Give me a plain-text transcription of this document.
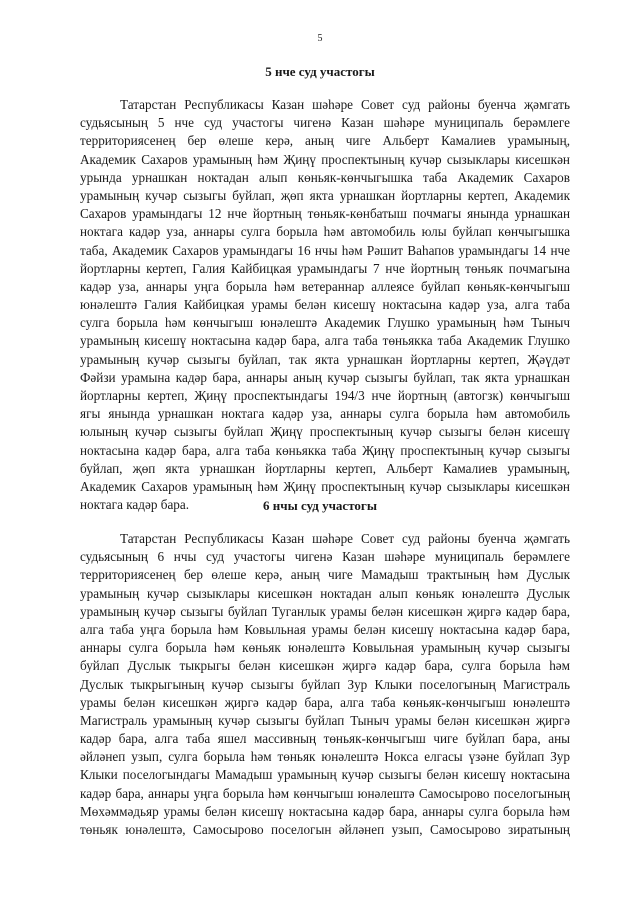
5
5 нче суд участогы
Татарстан Республикасы Казан шәһәре Совет суд районы буенча җәмгать
судьясының 5 нче суд участогы чигенә Казан шәһәре муниципаль берәмлеге
территориясенең бер өлеше керә, аның чиге Альберт Камалиев урамының,
Академик Сахаров урамының һәм Җиңү проспектының кучәр сызыклары кисешкән
урында урнашкан ноктадан алып көньяк-көнчыгышка таба Академик Сахаров
урамының кучәр сызыгы буйлап, җөп якта урнашкан йортларны кертеп, Академик
Сахаров урамындагы 12 нче йортның төньяк-көнбатыш почмагы янында урнашкан
ноктага кадәр уза, аннары сулга борыла һәм автомобиль юлы буйлап көнчыгышка
таба, Академик Сахаров урамындагы 16 нчы һәм Рәшит Ваһапов урамындагы 14 нче
йортларны кертеп, Галия Кайбицкая урамындагы 7 нче йортның төньяк почмагына
кадәр уза, аннары уңга борыла һәм ветераннар аллеясе буйлап көньяк-көнчыгыш
юнәлештә Галия Кайбицкая урамы белән кисешү ноктасына кадәр уза, алга таба
сулга борыла һәм көнчыгыш юнәлештә Академик Глушко урамының һәм Тыныч
урамының кисешү ноктасына кадәр бара, алга таба төньякка таба Академик Глушко
урамының кучәр сызыгы буйлап, так якта урнашкан йортларны кертеп, Җәүдәт
Фәйзи урамына кадәр бара, аннары аның кучәр сызыгы буйлап, так якта урнашкан
йортларны кертеп, Җиңү проспектындагы 194/3 нче йортның (автогзк) көнчыгыш
ягы янында урнашкан ноктага кадәр уза, аннары сулга борыла һәм автомобиль
юлының кучәр сызыгы буйлап Җиңү проспектының кучәр сызыгы белән кисешү
ноктасына кадәр бара, алга таба көньякка таба Җиңү проспектының кучәр сызыгы
буйлап, җөп якта урнашкан йортларны кертеп, Альберт Камалиев урамының,
Академик Сахаров урамының һәм Җиңү проспектының кучәр сызыклары кисешкән
ноктага кадәр бара.	6 нчы суд участогы
Татарстан Республикасы Казан шәһәре Совет суд районы буенча җәмгать
судьясының 6 нчы суд участогы чигенә Казан шәһәре муниципаль берәмлеге
территориясенең бер өлеше керә, аның чиге Мамадыш трактының һәм Дуслык
урамының кучәр сызыклары кисешкән ноктадан алып көньяк юнәлештә Дуслык
урамының кучәр сызыгы буйлап Туганлык урамы белән кисешкән җиргә кадәр бара,
алга таба уңга борыла һәм Ковыльная урамы белән кисешү ноктасына кадәр бара,
аннары сулга борыла һәм көньяк юнәлештә Ковыльная урамының кучәр сызыгы
буйлап Дуслык тыкрыгы белән кисешкән җиргә кадәр бара, сулга борыла һәм
Дуслык тыкрыгының кучәр сызыгы буйлап Зур Клыки поселогының Магистраль
урамы белән кисешкән җиргә кадәр бара, алга таба көньяк-көнчыгыш юнәлештә
Магистраль урамының кучәр сызыгы буйлап Тыныч урамы белән кисешкән җиргә
кадәр бара, алга таба яшел массивның төньяк-көнчыгыш чиге буйлап бара, аны
әйләнеп узып, сулга борыла һәм төньяк юнәлештә Нокса елгасы үзәне буйлап Зур
Клыки поселогындагы Мамадыш урамының кучәр сызыгы белән кисешү ноктасына
кадәр бара, аннары уңга борыла һәм көнчыгыш юнәлештә Самосырово поселогының
Мөхәммәдьяр урамы белән кисешү ноктасына кадәр бара, аннары сулга борыла һәм
төньяк юнәлештә, Самосырово поселогын әйләнеп узып, Самосырово зиратының
